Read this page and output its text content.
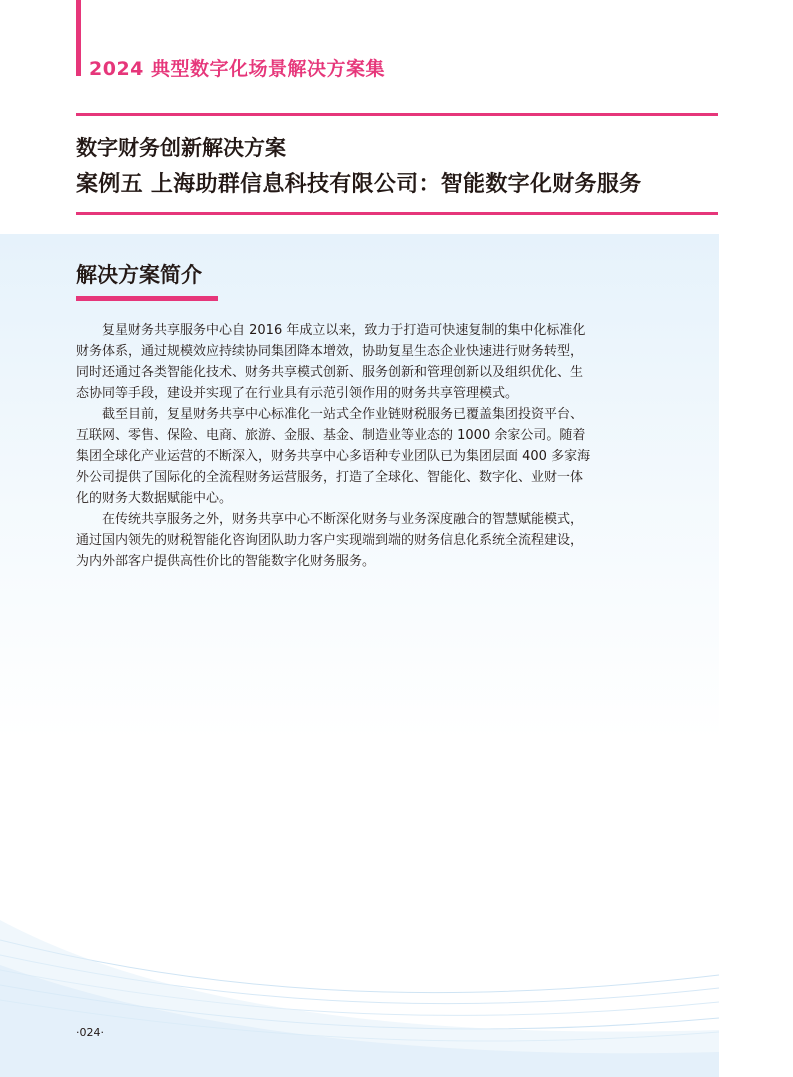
2024 典型数字化场景解决方案集
数字财务创新解决方案
案例五 上海助群信息科技有限公司：智能数字化财务服务
解决方案简介

复星财务共享服务中心自 2016 年成立以来，致力于打造可快速复制的集中化标准化
财务体系，通过规模效应持续协同集团降本增效，协助复星生态企业快速进行财务转型，
同时还通过各类智能化技术、财务共享模式创新、服务创新和管理创新以及组织优化、生
态协同等手段，建设并实现了在行业具有示范引领作用的财务共享管理模式。

截至目前，复星财务共享中心标准化一站式全作业链财税服务已覆盖集团投资平台、
互联网、零售、保险、电商、旅游、金服、基金、制造业等业态的 1000 余家公司。随着
集团全球化产业运营的不断深入，财务共享中心多语种专业团队已为集团层面 400 多家海
外公司提供了国际化的全流程财务运营服务，打造了全球化、智能化、数字化、业财一体
化的财务大数据赋能中心。

在传统共享服务之外，财务共享中心不断深化财务与业务深度融合的智慧赋能模式，
通过国内领先的财税智能化咨询团队助力客户实现端到端的财务信息化系统全流程建设，
为内外部客户提供高性价比的智能数字化财务服务。

·024·
